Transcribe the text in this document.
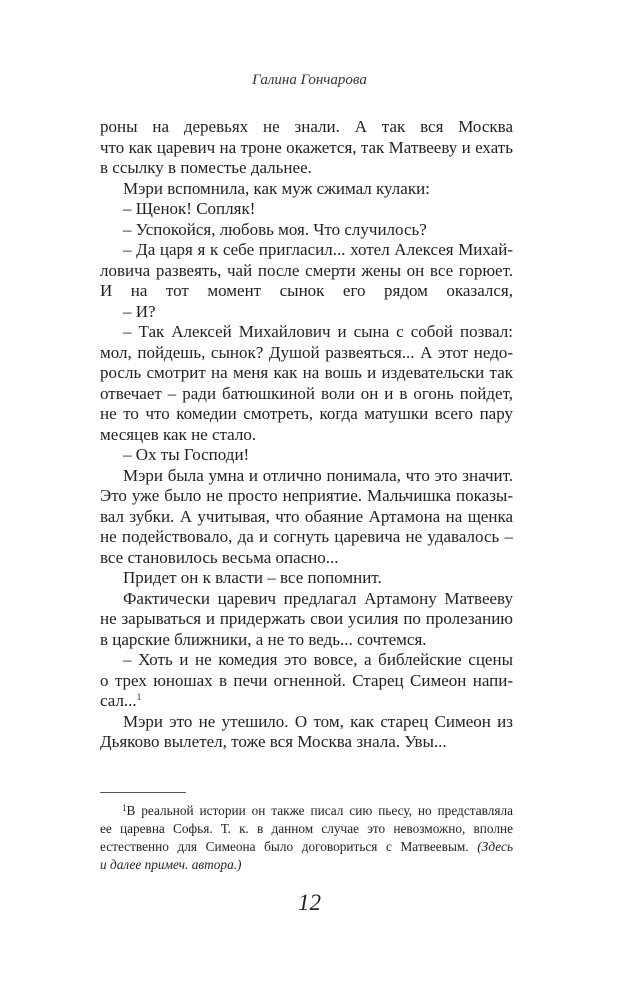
Галина Гончарова
роны на деревьях не знали. А так вся Москва
что как царевич на троне окажется, так Матвееву и ехать
в ссылку в поместье дальнее.
Мэри вспомнила, как муж сжимал кулаки:
– Щенок! Сопляк!
– Успокойся, любовь моя. Что случилось?
– Да царя я к себе пригласил... хотел Алексея Михай-
ловича развеять, чай после смерти жены он все горюет.
И на тот момент сынок его рядом оказался,
– И?
– Так Алексей Михайлович и сына с собой позвал:
мол, пойдешь, сынок? Душой развеяться... А этот недо-
росль смотрит на меня как на вошь и издевательски так
отвечает – ради батюшкиной воли он и в огонь пойдет,
не то что комедии смотреть, когда матушки всего пару
месяцев как не стало.
– Ох ты Господи!
Мэри была умна и отлично понимала, что это значит.
Это уже было не просто неприятие. Мальчишка показы-
вал зубки. А учитывая, что обаяние Артамона на щенка
не подействовало, да и согнуть царевича не удавалось –
все становилось весьма опасно...
Придет он к власти – все попомнит.
Фактически царевич предлагал Артамону Матвееву
не зарываться и придержать свои усилия по пролезанию
в царские ближники, а не то ведь... сочтемся.
– Хоть и не комедия это вовсе, а библейские сцены
о трех юношах в печи огненной. Старец Симеон напи-
сал...$^1$
Мэри это не утешило. О том, как старец Симеон из
Дьяково вылетел, тоже вся Москва знала. Увы...
$^1$В реальной истории он также писал сию пьесу, но представляла
ее царевна Софья. Т. к. в данном случае это невозможно, вполне
естественно для Симеона было договориться с Матвеевым. (Здесь
и далее примеч. автора.)
12
